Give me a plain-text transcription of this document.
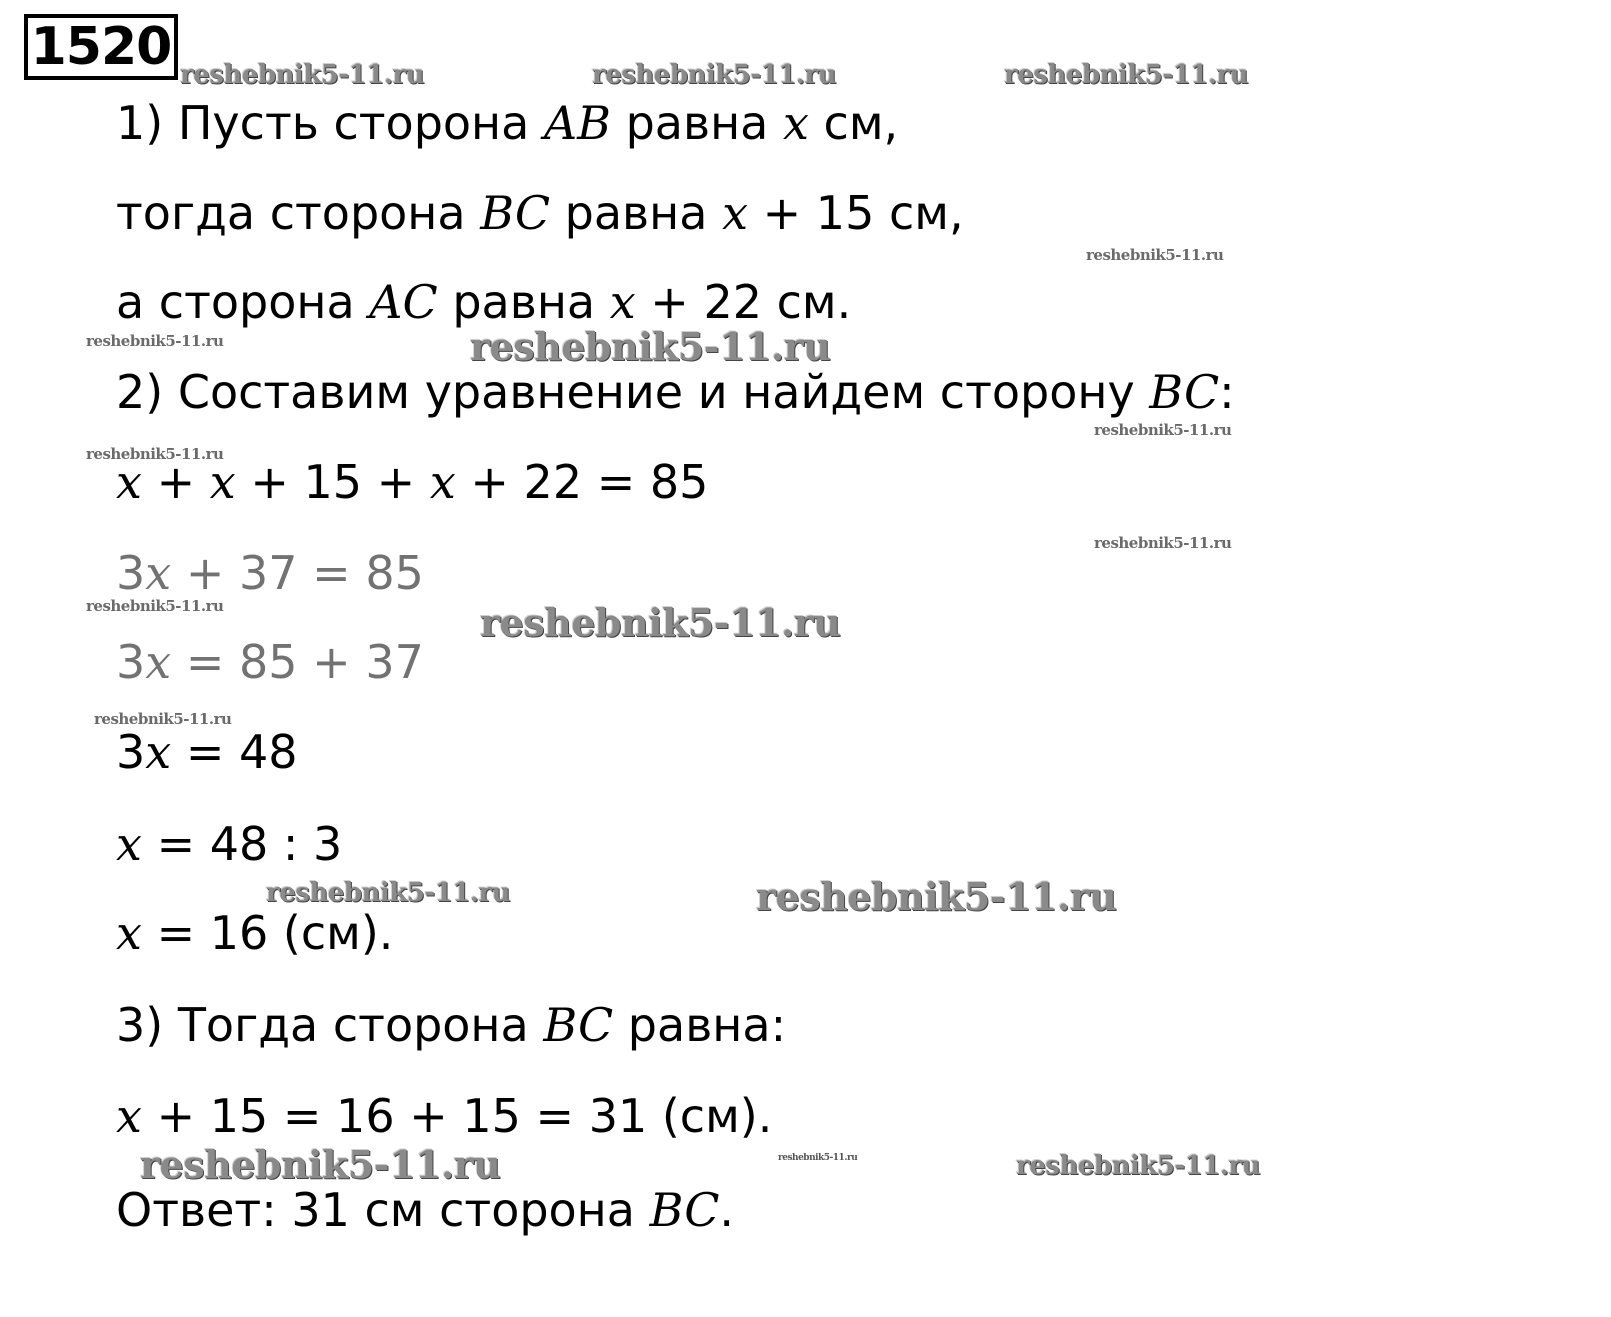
1520
1) Пусть сторона AB равна x см,
тогда сторона BC равна x + 15 см,
а сторона AC равна x + 22 см.
2) Составим уравнение и найдем сторону BC:
x + x + 15 + x + 22 = 85
3x + 37 = 85
3x = 85 + 37
3x = 48
x = 48 : 3
x = 16 (см).
3) Тогда сторона BC равна:
x + 15 = 16 + 15 = 31 (см).
Ответ: 31 см сторона BC.
reshebnik5-11.ru	reshebnik5-11.ru	reshebnik5-11.ru
reshebnik5-11.ru
reshebnik5-11.ru	reshebnik5-11.ru
reshebnik5-11.ru
reshebnik5-11.ru
reshebnik5-11.ru
reshebnik5-11.ru	reshebnik5-11.ru
reshebnik5-11.ru
reshebnik5-11.ru	reshebnik5-11.ru
reshebnik5-11.ru	reshebnik5-11.ru	reshebnik5-11.ru
